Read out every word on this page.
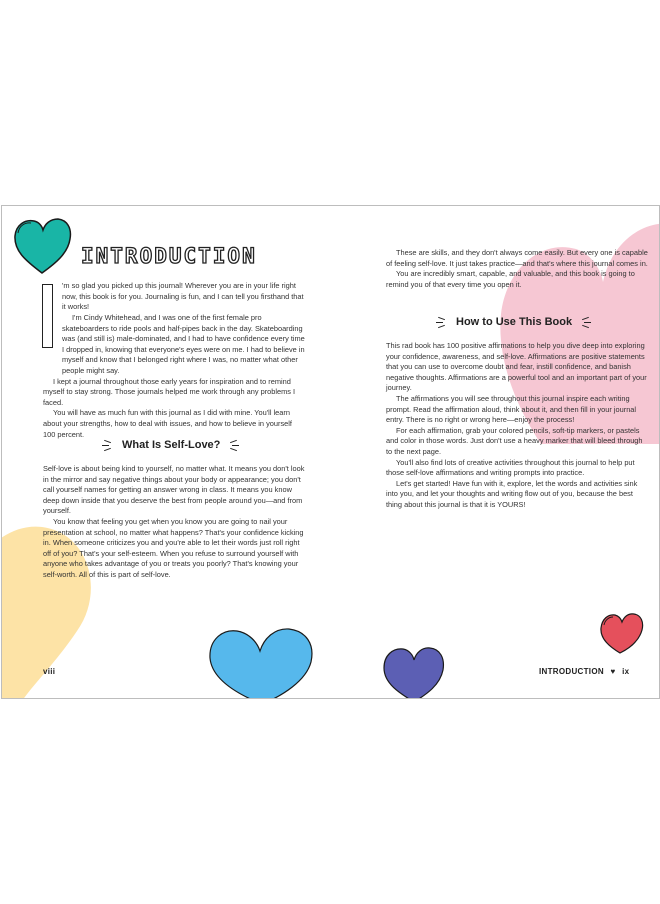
INTRODUCTION

'm so glad you picked up this journal! Wherever you are in your life right now, this book is for you. Journaling is fun, and I can tell you firsthand that it works!

I'm Cindy Whitehead, and I was one of the first female pro skateboarders to ride pools and half-pipes back in the day. Skateboarding was (and still is) male-dominated, and I had to have confidence every time I dropped in, knowing that everyone's eyes were on me. I had to believe in myself and know that I belonged right where I was, no matter what other people might say.

I kept a journal throughout those early years for inspiration and to remind myself to stay strong. Those journals helped me work through any problems I faced.

You will have as much fun with this journal as I did with mine. You'll learn about your strengths, how to deal with issues, and how to believe in yourself 100 percent.

What Is Self-Love?

Self-love is about being kind to yourself, no matter what. It means you don't look in the mirror and say negative things about your body or appearance; you don't call yourself names for getting an answer wrong in class. It means you know deep down inside that you deserve the best from people around you—and from yourself.

You know that feeling you get when you know you are going to nail your presentation at school, no matter what happens? That's your confidence kicking in. When someone criticizes you and you're able to let their words just roll right off of you? That's your self-esteem. When you refuse to surround yourself with anyone who takes advantage of you or treats you poorly? That's knowing your self-worth. All of this is part of self-love.

viii

These are skills, and they don't always come easily. But every one is capable of feeling self-love. It just takes practice—and that's where this journal comes in.

You are incredibly smart, capable, and valuable, and this book is going to remind you of that every time you open it.

How to Use This Book

This rad book has 100 positive affirmations to help you dive deep into exploring your confidence, awareness, and self-love. Affirmations are positive statements that you can use to overcome doubt and fear, instill confidence, and banish negative thoughts. Affirmations are a powerful tool and an important part of your journey.

The affirmations you will see throughout this journal inspire each writing prompt. Read the affirmation aloud, think about it, and then fill in your journal entry. There is no right or wrong here—enjoy the process!

For each affirmation, grab your colored pencils, soft-tip markers, or pastels and color in those words. Just don't use a heavy marker that will bleed through to the next page.

You'll also find lots of creative activities throughout this journal to help put those self-love affirmations and writing prompts into practice.

Let's get started! Have fun with it, explore, let the words and activities sink into you, and let your thoughts and writing flow out of you, because the best thing about this journal is that it is YOURS!

INTRODUCTION ♥ ix
